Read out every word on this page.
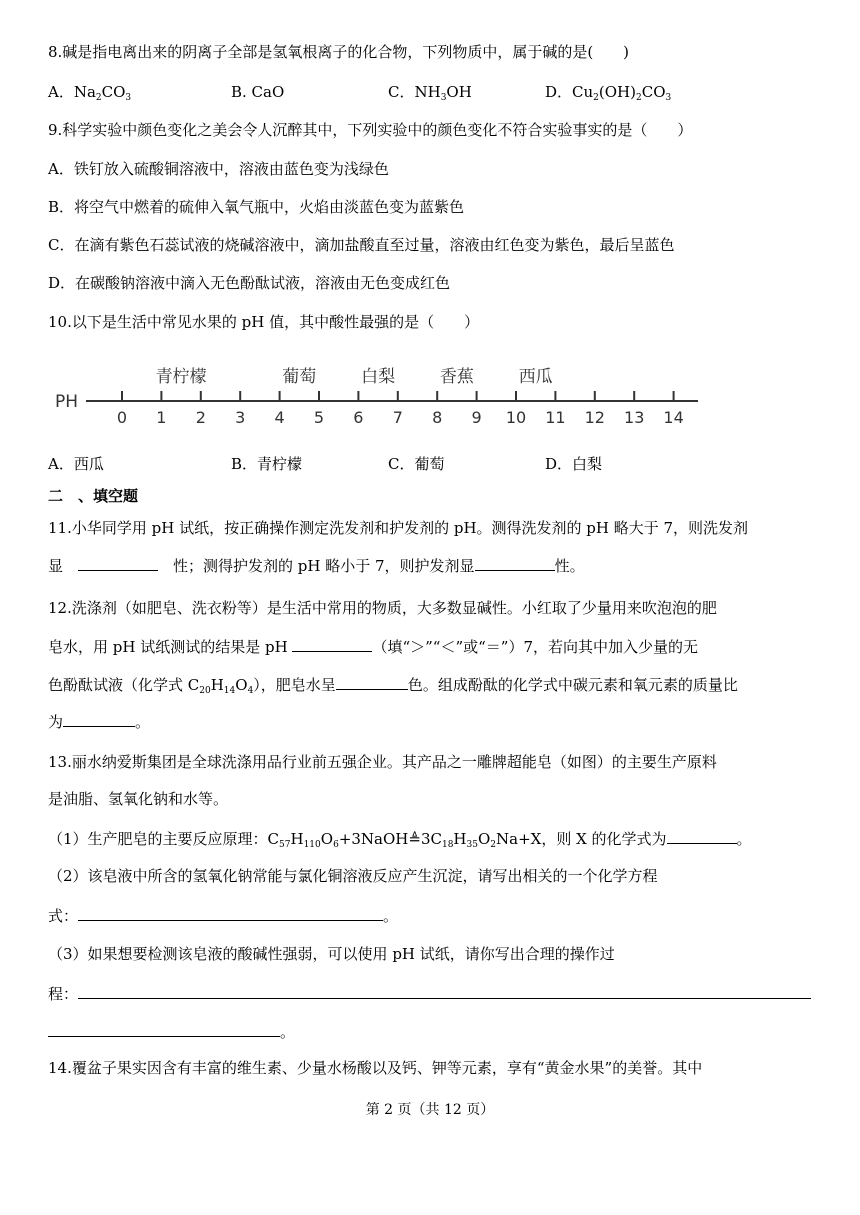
8.碱是指电离出来的阴离子全部是氢氧根离子的化合物，下列物质中，属于碱的是(　　)
A．$Na_2CO_3$	B. CaO	C．$NH_3OH$	D．$Cu_2(OH)_2CO_3$
9.科学实验中颜色变化之美会令人沉醉其中，下列实验中的颜色变化不符合实验事实的是（　　）
A．铁钉放入硫酸铜溶液中，溶液由蓝色变为浅绿色
B．将空气中燃着的硫伸入氧气瓶中，火焰由淡蓝色变为蓝紫色
C．在滴有紫色石蕊试液的烧碱溶液中，滴加盐酸直至过量，溶液由红色变为紫色，最后呈蓝色
D．在碳酸钠溶液中滴入无色酚酞试液，溶液由无色变成红色
10.以下是生活中常见水果的 pH 值，其中酸性最强的是（　　）
PH
0 1 2 3 4 5 6 7 8 9 10 11 12 13 14
青柠檬	葡萄	白梨	香蕉	西瓜
A．西瓜	B．青柠檬	C．葡萄	D．白梨
二　、填空题
11.小华同学用 pH 试纸，按正确操作测定洗发剂和护发剂的 pH。测得洗发剂的 pH 略大于 7，则洗发剂
显　	　性；测得护发剂的 pH 略小于 7，则护发剂显	性。
12.洗涤剂（如肥皂、洗衣粉等）是生活中常用的物质，大多数显碱性。小红取了少量用来吹泡泡的肥
皂水，用 pH 试纸测试的结果是 pH	（填“＞”“＜”或“＝”）7，若向其中加入少量的无
色酚酞试液（化学式 $C_{20}H_{14}O_4$），肥皂水呈	色。组成酚酞的化学式中碳元素和氧元素的质量比
为	。
13.丽水纳爱斯集团是全球洗涤用品行业前五强企业。其产品之一雕牌超能皂（如图）的主要生产原料
是油脂、氢氧化钠和水等。
（1）生产肥皂的主要反应原理：$C_{57}H_{110}O_6+3NaOH≜3C_{18}H_{35}O_2Na+X$，则 X 的化学式为	。
（2）该皂液中所含的氢氧化钠常能与氯化铜溶液反应产生沉淀，请写出相关的一个化学方程
式：	。
（3）如果想要检测该皂液的酸碱性强弱，可以使用 pH 试纸，请你写出合理的操作过
程：
。
14.覆盆子果实因含有丰富的维生素、少量水杨酸以及钙、钾等元素，享有“黄金水果”的美誉。其中
第 2 页（共 12 页）
